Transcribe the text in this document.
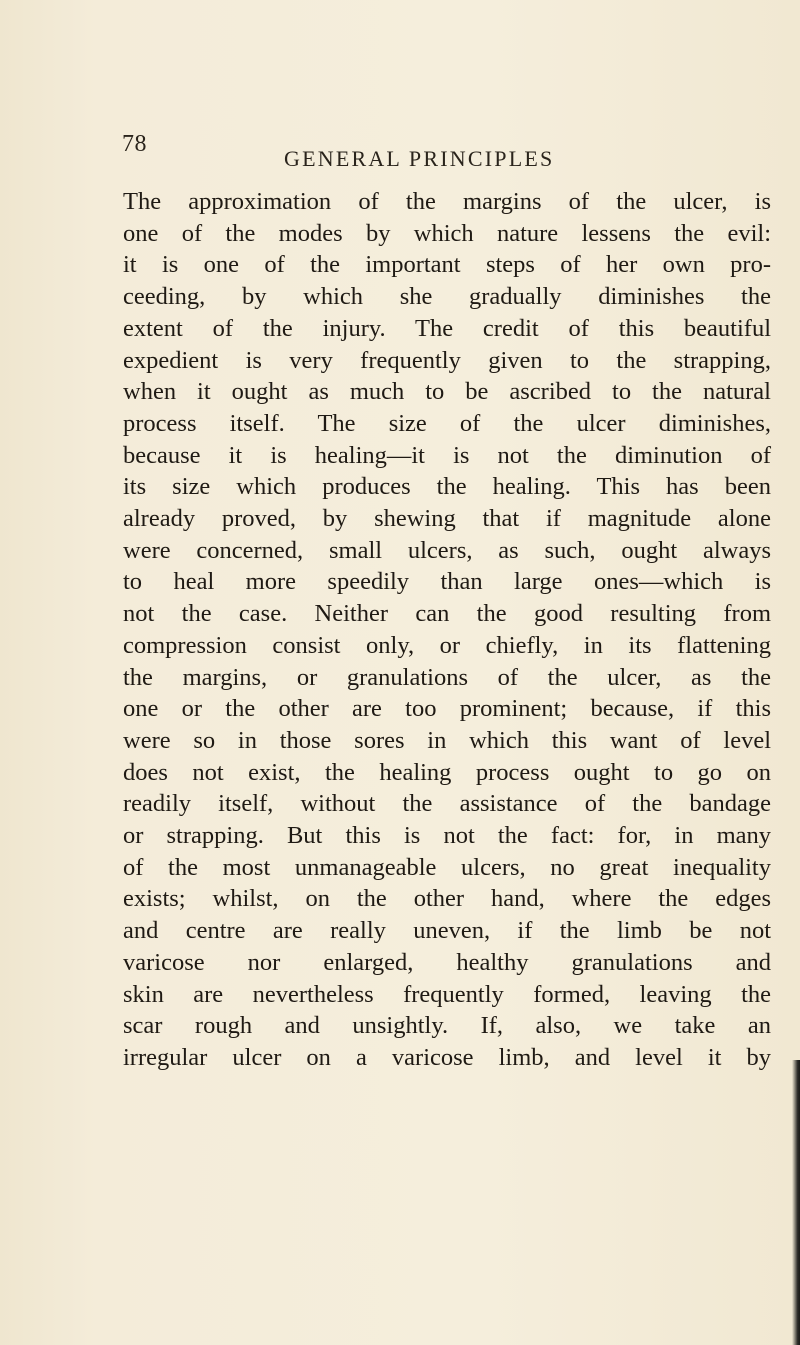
78
GENERAL PRINCIPLES

The approximation of the margins of the ulcer, is
one of the modes by which nature lessens the evil:
it is one of the important steps of her own pro-
ceeding, by which she gradually diminishes the
extent of the injury. The credit of this beautiful
expedient is very frequently given to the strapping,
when it ought as much to be ascribed to the natural
process itself. The size of the ulcer diminishes,
because it is healing—it is not the diminution of
its size which produces the healing. This has been
already proved, by shewing that if magnitude alone
were concerned, small ulcers, as such, ought always
to heal more speedily than large ones—which is
not the case. Neither can the good resulting from
compression consist only, or chiefly, in its flattening
the margins, or granulations of the ulcer, as the
one or the other are too prominent; because, if this
were so in those sores in which this want of level
does not exist, the healing process ought to go on
readily itself, without the assistance of the bandage
or strapping. But this is not the fact: for, in many
of the most unmanageable ulcers, no great inequality
exists; whilst, on the other hand, where the edges
and centre are really uneven, if the limb be not
varicose nor enlarged, healthy granulations and
skin are nevertheless frequently formed, leaving the
scar rough and unsightly. If, also, we take an
irregular ulcer on a varicose limb, and level it by
